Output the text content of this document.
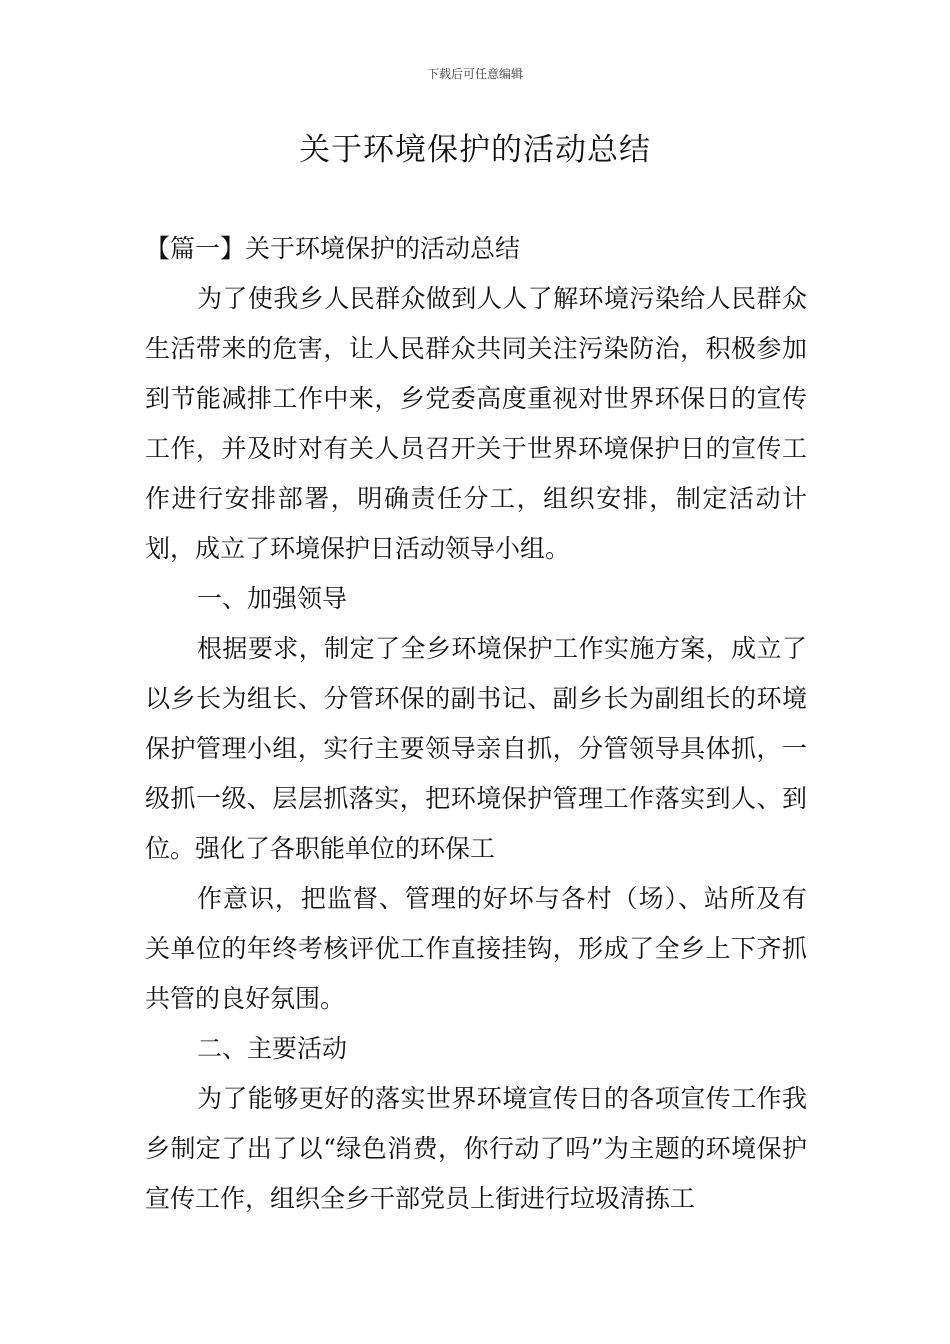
下载后可任意编辑
关于环境保护的活动总结

【篇一】关于环境保护的活动总结

为了使我乡人民群众做到人人了解环境污染给人民群众生活带来的危害，让人民群众共同关注污染防治，积极参加到节能减排工作中来，乡党委高度重视对世界环保日的宣传工作，并及时对有关人员召开关于世界环境保护日的宣传工作进行安排部署，明确责任分工，组织安排，制定活动计划，成立了环境保护日活动领导小组。

一、加强领导

根据要求，制定了全乡环境保护工作实施方案，成立了以乡长为组长、分管环保的副书记、副乡长为副组长的环境保护管理小组，实行主要领导亲自抓，分管领导具体抓，一级抓一级、层层抓落实，把环境保护管理工作落实到人、到位。强化了各职能单位的环保工

作意识，把监督、管理的好坏与各村（场）、站所及有关单位的年终考核评优工作直接挂钩，形成了全乡上下齐抓共管的良好氛围。

二、主要活动

为了能够更好的落实世界环境宣传日的各项宣传工作我乡制定了出了以“绿色消费，你行动了吗”为主题的环境保护宣传工作，组织全乡干部党员上街进行垃圾清拣工
